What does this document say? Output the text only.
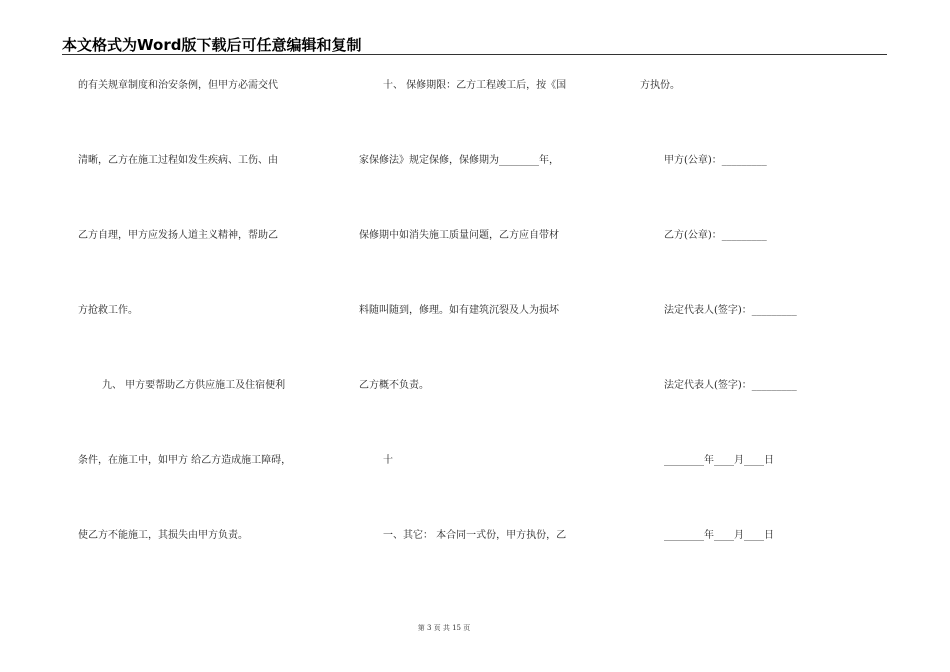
本文格式为Word版下载后可任意编辑和复制
的有关规章制度和治安条例，但甲方必需交代
清晰，乙方在施工过程如发生疾病、工伤、由
乙方自理，甲方应发扬人道主义精神，帮助乙
方抢救工作。
九、 甲方要帮助乙方供应施工及住宿便利
条件，在施工中，如甲方 给乙方造成施工障碍，
使乙方不能施工，其损失由甲方负责。
十、 保修期限：乙方工程竣工后，按《国
家保修法》规定保修，保修期为________年，
保修期中如消失施工质量问题，乙方应自带材
料随叫随到，修理。如有建筑沉裂及人为损坏
乙方概不负责。
十
一、其它： 本合同一式份，甲方执份，乙
方执份。
甲方(公章)：_________
乙方(公章)：_________
法定代表人(签字)：_________
法定代表人(签字)：_________
________年____月____日
________年____月____日
第 3 页 共 15 页
